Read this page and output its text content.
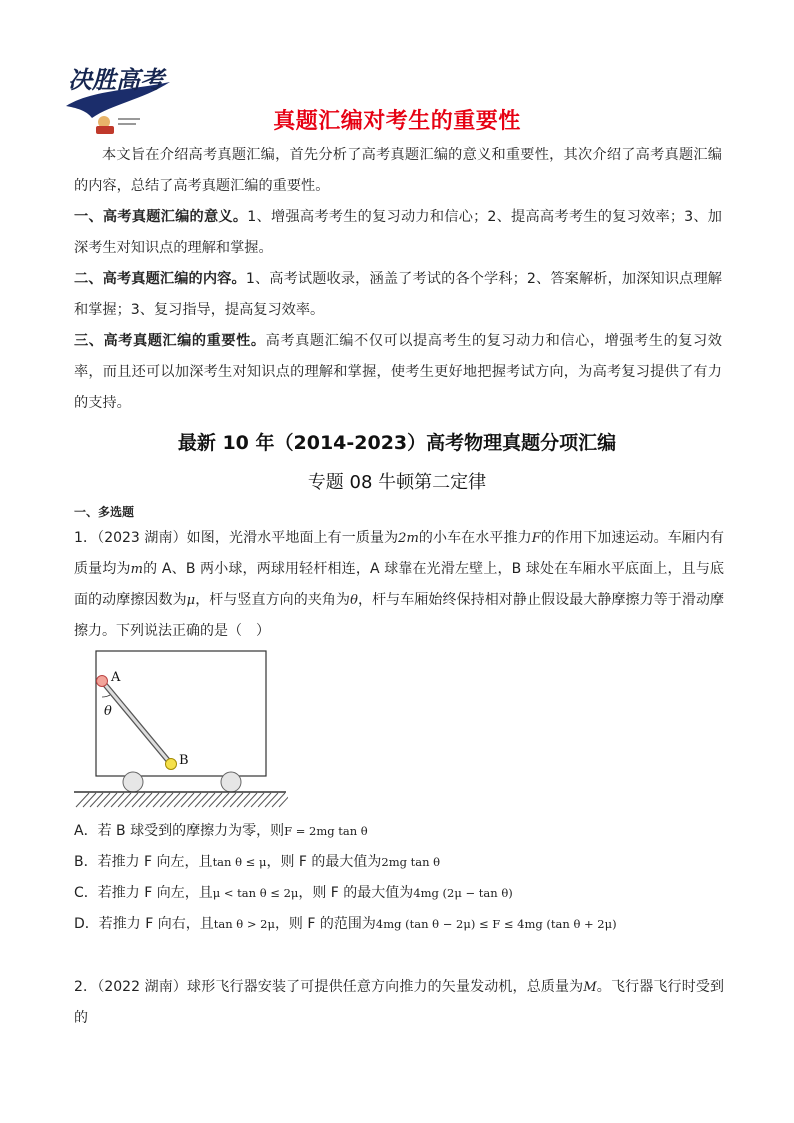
决胜高考
真题汇编对考生的重要性

本文旨在介绍高考真题汇编，首先分析了高考真题汇编的意义和重要性，其次介绍了高考真题汇编的内容，总结了高考真题汇编的重要性。

一、高考真题汇编的意义。1、增强高考考生的复习动力和信心；2、提高高考考生的复习效率；3、加深考生对知识点的理解和掌握。

二、高考真题汇编的内容。1、高考试题收录，涵盖了考试的各个学科；2、答案解析，加深知识点理解和掌握；3、复习指导，提高复习效率。

三、高考真题汇编的重要性。高考真题汇编不仅可以提高考生的复习动力和信心，增强考生的复习效率，而且还可以加深考生对知识点的理解和掌握，使考生更好地把握考试方向，为高考复习提供了有力的支持。

最新 10 年（2014-2023）高考物理真题分项汇编
专题 08 牛顿第二定律
一、多选题

1．（2023 湖南）如图，光滑水平地面上有一质量为2m的小车在水平推力F的作用下加速运动。车厢内有质量均为m的 A、B 两小球，两球用轻杆相连，A 球靠在光滑左壁上，B 球处在车厢水平底面上，且与底面的动摩擦因数为μ，杆与竖直方向的夹角为θ，杆与车厢始终保持相对静止假设最大静摩擦力等于滑动摩擦力。下列说法正确的是（　）

A
B
θ
A．若 B 球受到的摩擦力为零，则F = 2mg tan θ
B．若推力 F 向左，且tan θ ≤ μ，则 F 的最大值为2mg tan θ
C．若推力 F 向左，且μ < tan θ ≤ 2μ，则 F 的最大值为4mg (2μ − tan θ)
D．若推力 F 向右，且tan θ > 2μ，则 F 的范围为4mg (tan θ − 2μ) ≤ F ≤ 4mg (tan θ + 2μ)

2．（2022 湖南）球形飞行器安装了可提供任意方向推力的矢量发动机，总质量为M。飞行器飞行时受到的
